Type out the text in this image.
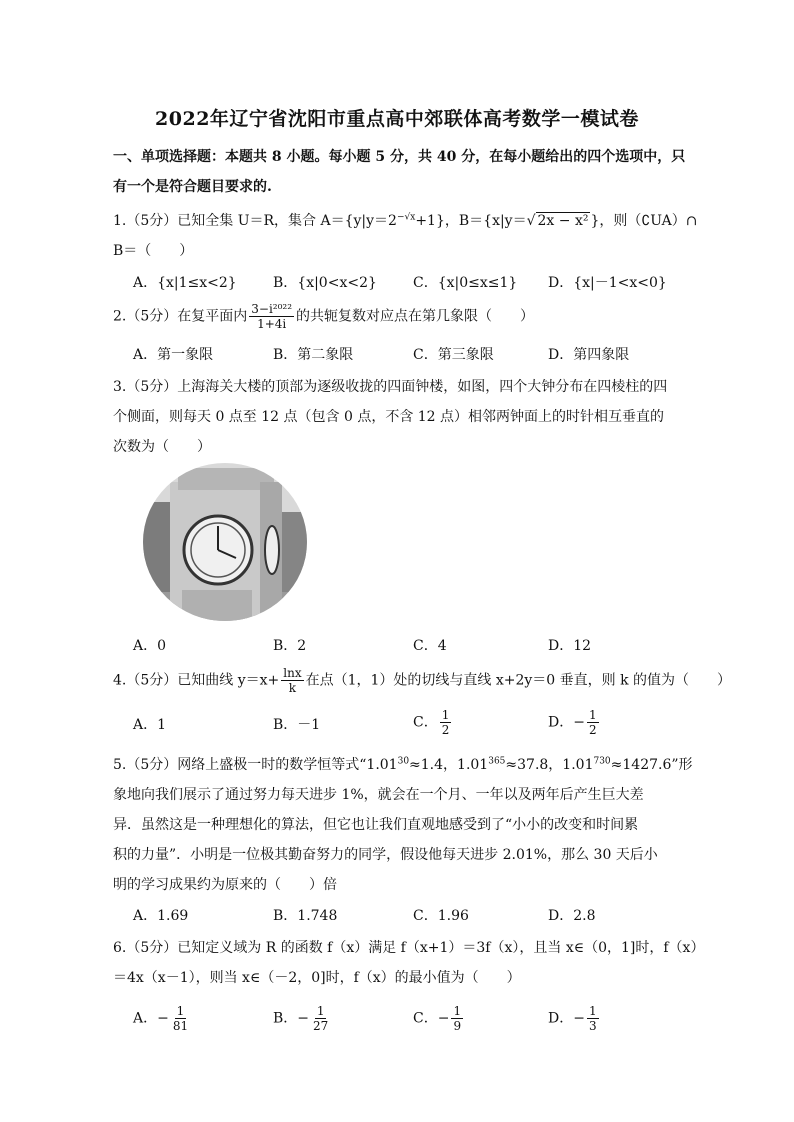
2022年辽宁省沈阳市重点高中郊联体高考数学一模试卷
一、单项选择题：本题共 8 小题。每小题 5 分，共 40 分，在每小题给出的四个选项中，只
有一个是符合题目要求的.
1.（5分）已知全集 U＝R，集合 $A=\{y|y=2^{-√x}+1\}$，B＝{x|y＝√ 2x − x² }，则（∁UA）∩
B＝（　　）
A．{x|1≤x<2}	B．{x|0<x<2}	C．{x|0≤x≤1} D．{x|－1<x<0}
2.（5分）在复平面内 $\frac{\text{3−i²⁰²²}}{1+4i}$ 的共轭复数对应点在第几象限（　　）
A．第一象限	B．第二象限	C．第三象限	D．第四象限
3.（5分）上海海关大楼的顶部为逐级收拢的四面钟楼，如图，四个大钟分布在四棱柱的四
个侧面，则每天 0 点至 12 点（包含 0 点，不含 12 点）相邻两钟面上的时针相互垂直的
次数为（　　）
A．0	B．2	C．4	D．12
4.（5分）已知曲线 $y=x+ \frac{\ln x}{k}$ 在点（1，1）处的切线与直线 x+2y＝0 垂直，则 k 的值为（　　）
A．1	B．－1	C． $\frac{1}{2}$	D．− $\frac{1}{2}$
5.（5分）网络上盛极一时的数学恒等式“$1.01^{30}\approx 1.4$，$1.01^{365}\approx 37.8$，$1.01^{730}\approx 1427.6$”形
象地向我们展示了通过努力每天进步 1%，就会在一个月、一年以及两年后产生巨大差
异．虽然这是一种理想化的算法，但它也让我们直观地感受到了“小小的改变和时间累
积的力量”．小明是一位极其勤奋努力的同学，假设他每天进步 2.01%，那么 30 天后小
明的学习成果约为原来的（　　）倍
A．1.69	B．1.748	C．1.96	D．2.8
6.（5分）已知定义域为 R 的函数 f（x）满足 f（x+1）＝3f（x），且当 x∈（0，1]时，f（x）
＝4x（x－1），则当 x∈（－2，0]时，f（x）的最小值为（　　）
A．− $\frac{1}{81}$	B．− $\frac{1}{27}$	C．− $\frac{1}{9}$	D．− $\frac{1}{3}$
